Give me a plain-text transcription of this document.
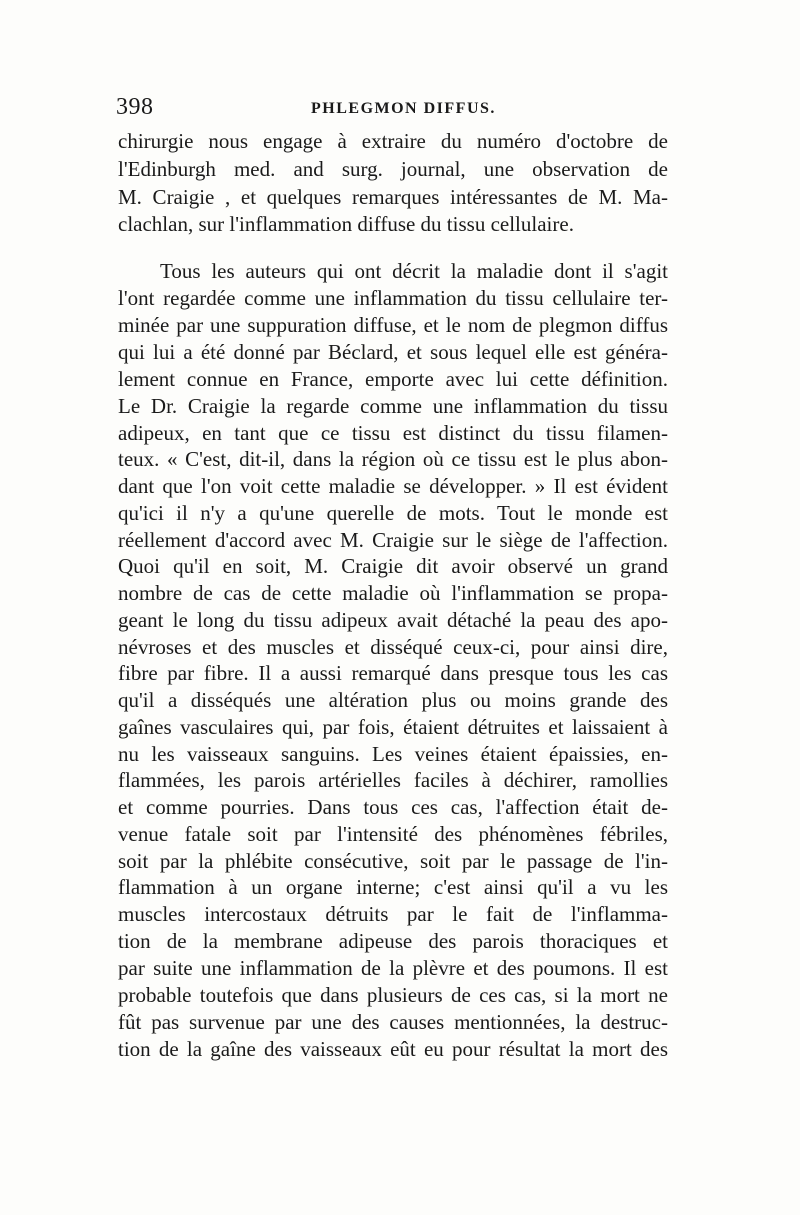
398	PHLEGMON DIFFUS.
chirurgie nous engage à extraire du numéro d'octobre de
l'Edinburgh med. and surg. journal, une observation de
M. Craigie , et quelques remarques intéressantes de M. Ma-
clachlan, sur l'inflammation diffuse du tissu cellulaire.
Tous les auteurs qui ont décrit la maladie dont il s'agit
l'ont regardée comme une inflammation du tissu cellulaire ter-
minée par une suppuration diffuse, et le nom de plegmon diffus
qui lui a été donné par Béclard, et sous lequel elle est généra-
lement connue en France, emporte avec lui cette définition.
Le Dr. Craigie la regarde comme une inflammation du tissu
adipeux, en tant que ce tissu est distinct du tissu filamen-
teux. « C'est, dit-il, dans la région où ce tissu est le plus abon-
dant que l'on voit cette maladie se développer. » Il est évident
qu'ici il n'y a qu'une querelle de mots. Tout le monde est
réellement d'accord avec M. Craigie sur le siège de l'affection.
Quoi qu'il en soit, M. Craigie dit avoir observé un grand
nombre de cas de cette maladie où l'inflammation se propa-
geant le long du tissu adipeux avait détaché la peau des apo-
névroses et des muscles et disséqué ceux-ci, pour ainsi dire,
fibre par fibre. Il a aussi remarqué dans presque tous les cas
qu'il a disséqués une altération plus ou moins grande des
gaînes vasculaires qui, par fois, étaient détruites et laissaient à
nu les vaisseaux sanguins. Les veines étaient épaissies, en-
flammées, les parois artérielles faciles à déchirer, ramollies
et comme pourries. Dans tous ces cas, l'affection était de-
venue fatale soit par l'intensité des phénomènes fébriles,
soit par la phlébite consécutive, soit par le passage de l'in-
flammation à un organe interne; c'est ainsi qu'il a vu les
muscles intercostaux détruits par le fait de l'inflamma-
tion de la membrane adipeuse des parois thoraciques et
par suite une inflammation de la plèvre et des poumons. Il est
probable toutefois que dans plusieurs de ces cas, si la mort ne
fût pas survenue par une des causes mentionnées, la destruc-
tion de la gaîne des vaisseaux eût eu pour résultat la mort des
